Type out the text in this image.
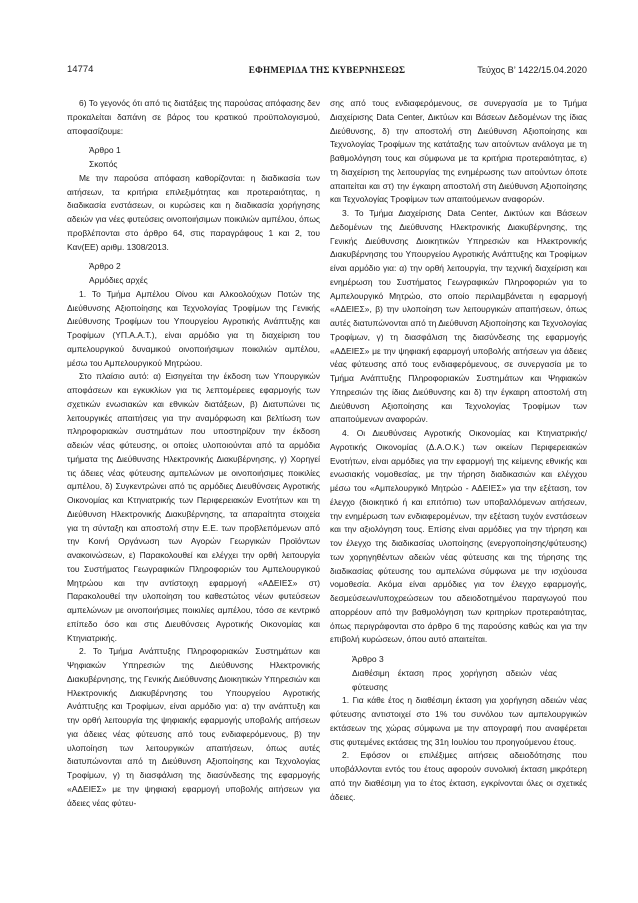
14774	ΕΦΗΜΕΡΙΔΑ ΤΗΣ ΚΥΒΕΡΝΗΣΕΩΣ	Τεύχος B’ 1422/15.04.2020

6) Το γεγονός ότι από τις διατάξεις της παρούσας απόφασης δεν προκαλείται δαπάνη σε βάρος του κρατικού προϋπολογισμού, αποφασίζουμε:

Άρθρο 1

Σκοπός

Με την παρούσα απόφαση καθορίζονται: η διαδικασία των αιτήσεων, τα κριτήρια επιλεξιμότητας και προτεραιότητας, η διαδικασία ενστάσεων, οι κυρώσεις και η διαδικασία χορήγησης αδειών για νέες φυτεύσεις οινοποιήσιμων ποικιλιών αμπέλου, όπως προβλέπονται στο άρθρο 64, στις παραγράφους 1 και 2, του Καν(ΕΕ) αριθμ. 1308/2013.

Άρθρο 2

Αρμόδιες αρχές

1. Το Τμήμα Αμπέλου Οίνου και Αλκοολούχων Ποτών της Διεύθυνσης Αξιοποίησης και Τεχνολογίας Τροφίμων της Γενικής Διεύθυνσης Τροφίμων του Υπουργείου Αγροτικής Ανάπτυξης και Τροφίμων (ΥΠ.Α.Α.Τ.), είναι αρμόδιο για τη διαχείριση του αμπελουργικού δυναμικού οινοποιήσιμων ποικιλιών αμπέλου, μέσω του Αμπελουργικού Μητρώου.

Στο πλαίσιο αυτό: α) Εισηγείται την έκδοση των Υπουργικών αποφάσεων και εγκυκλίων για τις λεπτομέρειες εφαρμογής των σχετικών ενωσιακών και εθνικών διατάξεων, β) Διατυπώνει τις λειτουργικές απαιτήσεις για την αναμόρφωση και βελτίωση των πληροφοριακών συστημάτων που υποστηρίζουν την έκδοση αδειών νέας φύτευσης, οι οποίες υλοποιούνται από τα αρμόδια τμήματα της Διεύθυνσης Ηλεκτρονικής Διακυβέρνησης, γ) Χορηγεί τις άδειες νέας φύτευσης αμπελώνων με οινοποιήσιμες ποικιλίες αμπέλου, δ) Συγκεντρώνει από τις αρμόδιες Διευθύνσεις Αγροτικής Οικονομίας και Κτηνιατρικής των Περιφερειακών Ενοτήτων και τη Διεύθυνση Ηλεκτρονικής Διακυβέρνησης, τα απαραίτητα στοιχεία για τη σύνταξη και αποστολή στην Ε.Ε. των προβλεπόμενων από την Κοινή Οργάνωση των Αγορών Γεωργικών Προϊόντων ανακοινώσεων, ε) Παρακολουθεί και ελέγχει την ορθή λειτουργία του Συστήματος Γεωγραφικών Πληροφοριών του Αμπελουργικού Μητρώου και την αντίστοιχη εφαρμογή «ΑΔΕΙΕΣ» στ) Παρακολουθεί την υλοποίηση του καθεστώτος νέων φυτεύσεων αμπελώνων με οινοποιήσιμες ποικιλίες αμπέλου, τόσο σε κεντρικό επίπεδο όσο και στις Διευθύνσεις Αγροτικής Οικονομίας και Κτηνιατρικής.

2. Το Τμήμα Ανάπτυξης Πληροφοριακών Συστημάτων και Ψηφιακών Υπηρεσιών της Διεύθυνσης Ηλεκτρονικής Διακυβέρνησης, της Γενικής Διεύθυνσης Διοικητικών Υπηρεσιών και Ηλεκτρονικής Διακυβέρνησης του Υπουργείου Αγροτικής Ανάπτυξης και Τροφίμων, είναι αρμόδιο για: α) την ανάπτυξη και την ορθή λειτουργία της ψηφιακής εφαρμογής υποβολής αιτήσεων για άδειες νέας φύτευσης από τους ενδιαφερόμενους, β) την υλοποίηση των λειτουργικών απαιτήσεων, όπως αυτές διατυπώνονται από τη Διεύθυνση Αξιοποίησης και Τεχνολογίας Τροφίμων, γ) τη διασφάλιση της διασύνδεσης της εφαρμογής «ΑΔΕΙΕΣ» με την ψηφιακή εφαρμογή υποβολής αιτήσεων για άδειες νέας φύτευ-

σης από τους ενδιαφερόμενους, σε συνεργασία με το Τμήμα Διαχείρισης Data Center, Δικτύων και Βάσεων Δεδομένων της ίδιας Διεύθυνσης, δ) την αποστολή στη Διεύθυνση Αξιοποίησης και Τεχνολογίας Τροφίμων της κατάταξης των αιτούντων ανάλογα με τη βαθμολόγηση τους και σύμφωνα με τα κριτήρια προτεραιότητας, ε) τη διαχείριση της λειτουργίας της ενημέρωσης των αιτούντων όποτε απαιτείται και στ) την έγκαιρη αποστολή στη Διεύθυνση Αξιοποίησης και Τεχνολογίας Τροφίμων των απαιτούμενων αναφορών.

3. Το Τμήμα Διαχείρισης Data Center, Δικτύων και Βάσεων Δεδομένων της Διεύθυνσης Ηλεκτρονικής Διακυβέρνησης, της Γενικής Διεύθυνσης Διοικητικών Υπηρεσιών και Ηλεκτρονικής Διακυβέρνησης του Υπουργείου Αγροτικής Ανάπτυξης και Τροφίμων είναι αρμόδιο για: α) την ορθή λειτουργία, την τεχνική διαχείριση και ενημέρωση του Συστήματος Γεωγραφικών Πληροφοριών για το Αμπελουργικό Μητρώο, στο οποίο περιλαμβάνεται η εφαρμογή «ΑΔΕΙΕΣ», β) την υλοποίηση των λειτουργικών απαιτήσεων, όπως αυτές διατυπώνονται από τη Διεύθυνση Αξιοποίησης και Τεχνολογίας Τροφίμων, γ) τη διασφάλιση της διασύνδεσης της εφαρμογής «ΑΔΕΙΕΣ» με την ψηφιακή εφαρμογή υποβολής αιτήσεων για άδειες νέας φύτευσης από τους ενδιαφερόμενους, σε συνεργασία με το Τμήμα Ανάπτυξης Πληροφοριακών Συστημάτων και Ψηφιακών Υπηρεσιών της ίδιας Διεύθυνσης και δ) την έγκαιρη αποστολή στη Διεύθυνση Αξιοποίησης και Τεχνολογίας Τροφίμων των απαιτούμενων αναφορών.

4. Οι Διευθύνσεις Αγροτικής Οικονομίας και Κτηνιατρικής/Αγροτικής Οικονομίας (Δ.Α.Ο.Κ.) των οικείων Περιφερειακών Ενοτήτων, είναι αρμόδιες για την εφαρμογή της κείμενης εθνικής και ενωσιακής νομοθεσίας, με την τήρηση διαδικασιών και ελέγχου μέσω του «Αμπελουργικό Μητρώο - ΑΔΕΙΕΣ» για την εξέταση, τον έλεγχο (διοικητικό ή και επιτόπιο) των υποβαλλόμενων αιτήσεων, την ενημέρωση των ενδιαφερομένων, την εξέταση τυχόν ενστάσεων και την αξιολόγηση τους. Επίσης είναι αρμόδιες για την τήρηση και τον έλεγχο της διαδικασίας υλοποίησης (ενεργοποίησης/φύτευσης) των χορηγηθέντων αδειών νέας φύτευσης και της τήρησης της διαδικασίας φύτευσης του αμπελώνα σύμφωνα με την ισχύουσα νομοθεσία. Ακόμα είναι αρμόδιες για τον έλεγχο εφαρμογής, δεσμεύσεων/υποχρεώσεων του αδειοδοτημένου παραγωγού που απορρέουν από την βαθμολόγηση των κριτηρίων προτεραιότητας, όπως περιγράφονται στο άρθρο 6 της παρούσης καθώς και για την επιβολή κυρώσεων, όπου αυτό απαιτείται.

Άρθρο 3

Διαθέσιμη έκταση προς χορήγηση αδειών νέας φύτευσης

1. Για κάθε έτος η διαθέσιμη έκταση για χορήγηση αδειών νέας φύτευσης αντιστοιχεί στο 1% του συνόλου των αμπελουργικών εκτάσεων της χώρας σύμφωνα με την απογραφή που αναφέρεται στις φυτεμένες εκτάσεις της 31η Ιουλίου του προηγούμενου έτους.

2. Εφόσον οι επιλέξιμες αιτήσεις αδειοδότησης που υποβάλλονται εντός του έτους αφορούν συνολική έκταση μικρότερη από την διαθέσιμη για το έτος έκταση, εγκρίνονται όλες οι σχετικές άδειες.
